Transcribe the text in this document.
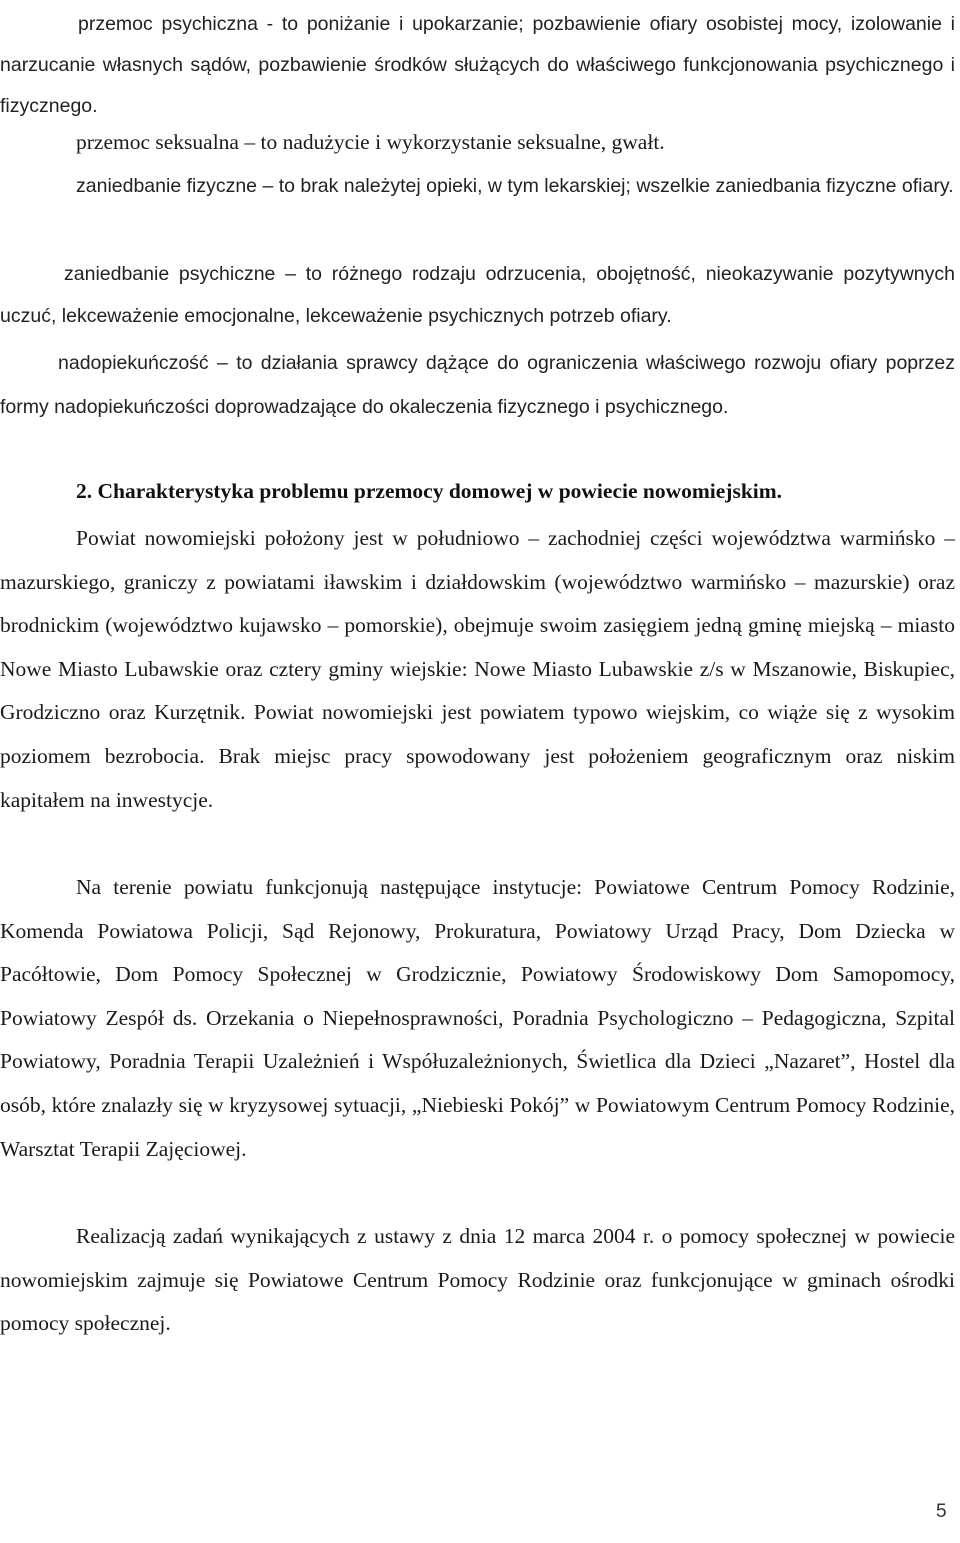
przemoc psychiczna - to poniżanie i upokarzanie; pozbawienie ofiary osobistej mocy, izolowanie i narzucanie własnych sądów, pozbawienie środków służących do właściwego funkcjonowania psychicznego i fizycznego.

przemoc seksualna – to nadużycie i wykorzystanie seksualne, gwałt.

zaniedbanie fizyczne – to brak należytej opieki, w tym lekarskiej; wszelkie zaniedbania fizyczne ofiary.

zaniedbanie psychiczne – to różnego rodzaju odrzucenia, obojętność, nieokazywanie pozytywnych uczuć, lekceważenie emocjonalne, lekceważenie psychicznych potrzeb ofiary.

nadopiekuńczość – to działania sprawcy dążące do ograniczenia właściwego rozwoju ofiary poprzez formy nadopiekuńczości doprowadzające do okaleczenia fizycznego i psychicznego.

2. Charakterystyka problemu przemocy domowej w powiecie nowomiejskim.

Powiat nowomiejski położony jest w południowo – zachodniej części województwa warmińsko – mazurskiego, graniczy z powiatami iławskim i działdowskim (województwo warmińsko – mazurskie) oraz brodnickim (województwo kujawsko – pomorskie), obejmuje swoim zasięgiem jedną gminę miejską – miasto Nowe Miasto Lubawskie oraz cztery gminy wiejskie: Nowe Miasto Lubawskie z/s w Mszanowie, Biskupiec, Grodziczno oraz Kurzętnik. Powiat nowomiejski jest powiatem typowo wiejskim, co wiąże się z wysokim poziomem bezrobocia. Brak miejsc pracy spowodowany jest położeniem geograficznym oraz niskim kapitałem na inwestycje.

Na terenie powiatu funkcjonują następujące instytucje: Powiatowe Centrum Pomocy Rodzinie, Komenda Powiatowa Policji, Sąd Rejonowy, Prokuratura, Powiatowy Urząd Pracy, Dom Dziecka w Pacółtowie, Dom Pomocy Społecznej w Grodzicznie, Powiatowy Środowiskowy Dom Samopomocy, Powiatowy Zespół ds. Orzekania o Niepełnosprawności, Poradnia Psychologiczno – Pedagogiczna, Szpital Powiatowy, Poradnia Terapii Uzależnień i Współuzależnionych, Świetlica dla Dzieci „Nazaret”, Hostel dla osób, które znalazły się w kryzysowej sytuacji, „Niebieski Pokój” w Powiatowym Centrum Pomocy Rodzinie, Warsztat Terapii Zajęciowej.

Realizacją zadań wynikających z ustawy z dnia 12 marca 2004 r. o pomocy społecznej w powiecie nowomiejskim zajmuje się Powiatowe Centrum Pomocy Rodzinie oraz funkcjonujące w gminach ośrodki pomocy społecznej.

5
